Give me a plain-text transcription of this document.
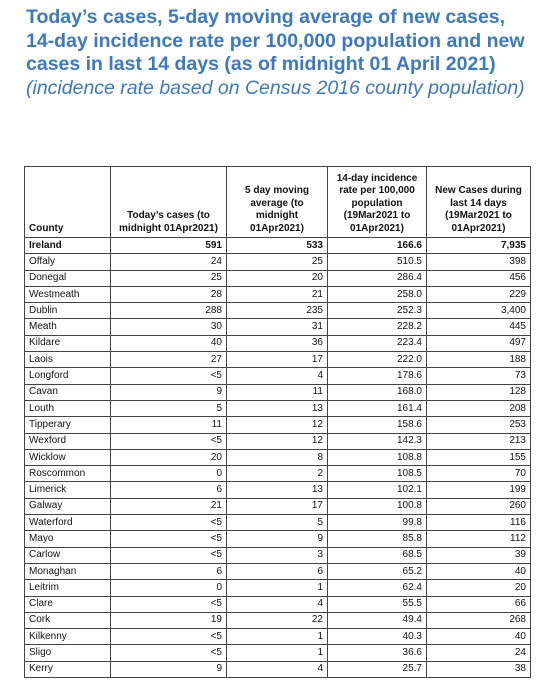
Today’s cases, 5-day moving average of new cases, 14-day incidence rate per 100,000 population and new cases in last 14 days (as of midnight 01 April 2021) (incidence rate based on Census 2016 county population)

County	Today’s cases (to midnight 01Apr2021)	5 day moving average (to midnight 01Apr2021)	14-day incidence rate per 100,000 population (19Mar2021 to 01Apr2021)	New Cases during last 14 days (19Mar2021 to 01Apr2021)
Ireland	591	533	166.6	7,935
Offaly	24	25	510.5	398
Donegal	25	20	286.4	456
Westmeath	28	21	258.0	229
Dublin	288	235	252.3	3,400
Meath	30	31	228.2	445
Kildare	40	36	223.4	497
Laois	27	17	222.0	188
Longford	<5	4	178.6	73
Cavan	9	11	168.0	128
Louth	5	13	161.4	208
Tipperary	11	12	158.6	253
Wexford	<5	12	142.3	213
Wicklow	20	8	108.8	155
Roscommon	0	2	108.5	70
Limerick	6	13	102.1	199
Galway	21	17	100.8	260
Waterford	<5	5	99.8	116
Mayo	<5	9	85.8	112
Carlow	<5	3	68.5	39
Monaghan	6	6	65.2	40
Leitrim	0	1	62.4	20
Clare	<5	4	55.5	66
Cork	19	22	49.4	268
Kilkenny	<5	1	40.3	40
Sligo	<5	1	36.6	24
Kerry	9	4	25.7	38
